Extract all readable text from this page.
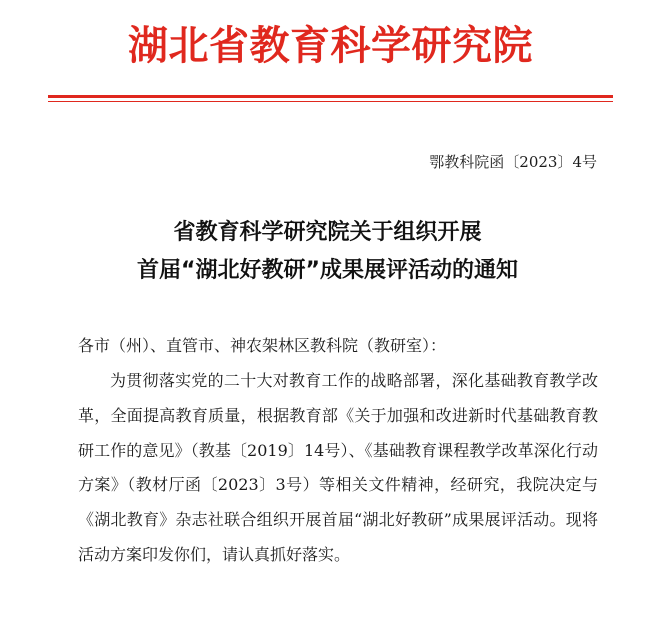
湖北省教育科学研究院
鄂教科院函〔2023〕4号
省教育科学研究院关于组织开展
首届“湖北好教研”成果展评活动的通知
各市（州）、直管市、神农架林区教科院（教研室）：

为贯彻落实党的二十大对教育工作的战略部署，深化基础教育教学改革，全面提高教育质量，根据教育部《关于加强和改进新时代基础教育教研工作的意见》（教基〔2019〕14号）、《基础教育课程教学改革深化行动方案》（教材厅函〔2023〕3号）等相关文件精神，经研究，我院决定与《湖北教育》杂志社联合组织开展首届“湖北好教研”成果展评活动。现将活动方案印发你们，请认真抓好落实。
